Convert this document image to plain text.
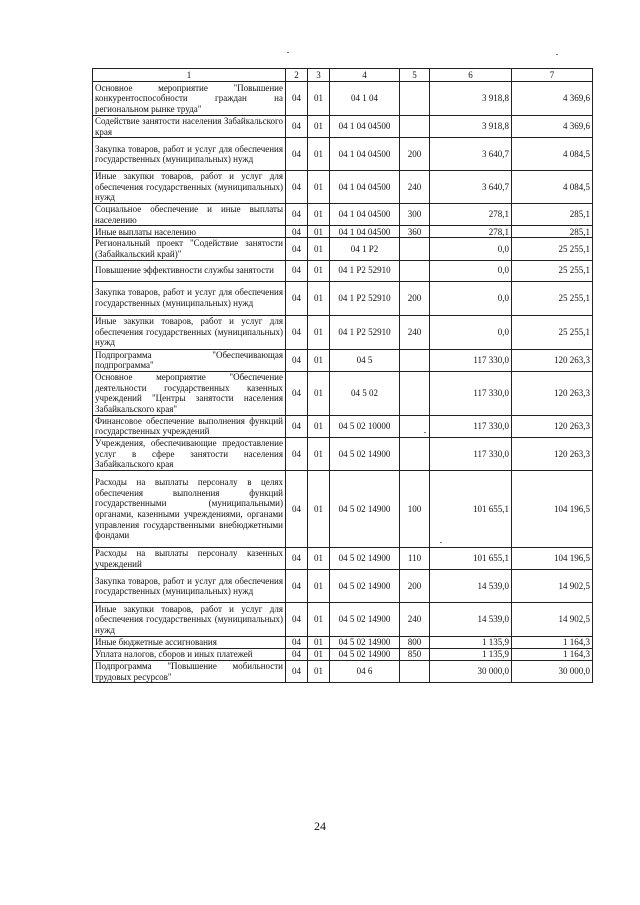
1	2	3	4	5	6	7
Основное мероприятие "Повышение конкурентоспособности граждан на региональном рынке труда"	04	01	04 1 04		3 918,8	4 369,6
Содействие занятости населения Забайкальского края	04	01	04 1 04 04500		3 918,8	4 369,6
Закупка товаров, работ и услуг для обеспечения государственных (муниципальных) нужд	04	01	04 1 04 04500	200	3 640,7	4 084,5
Иные закупки товаров, работ и услуг для обеспечения государственных (муниципальных) нужд	04	01	04 1 04 04500	240	3 640,7	4 084,5
Социальное обеспечение и иные выплаты населению	04	01	04 1 04 04500	300	278,1	285,1
Иные выплаты населению	04	01	04 1 04 04500	360	278,1	285,1
Региональный проект "Содействие занятости (Забайкальский край)"	04	01	04 1 P2		0,0	25 255,1
Повышение эффективности службы занятости	04	01	04 1 P2 52910		0,0	25 255,1
Закупка товаров, работ и услуг для обеспечения государственных (муниципальных) нужд	04	01	04 1 P2 52910	200	0,0	25 255,1
Иные закупки товаров, работ и услуг для обеспечения государственных (муниципальных) нужд	04	01	04 1 P2 52910	240	0,0	25 255,1
Подпрограмма "Обеспечивающая подпрограмма"	04	01	04 5		117 330,0	120 263,3
Основное мероприятие "Обеспечение деятельности государственных казенных учреждений "Центры занятости населения Забайкальского края"	04	01	04 5 02		117 330,0	120 263,3
Финансовое обеспечение выполнения функций государственных учреждений	04	01	04 5 02 10000		117 330,0	120 263,3
Учреждения, обеспечивающие предоставление услуг в сфере занятости населения Забайкальского края	04	01	04 5 02 14900		117 330,0	120 263,3
Расходы на выплаты персоналу в целях обеспечения выполнения функций государственными (муниципальными) органами, казенными учреждениями, органами управления государственными внебюджетными фондами	04	01	04 5 02 14900	100	101 655,1	104 196,5
Расходы на выплаты персоналу казенных учреждений	04	01	04 5 02 14900	110	101 655,1	104 196,5
Закупка товаров, работ и услуг для обеспечения государственных (муниципальных) нужд	04	01	04 5 02 14900	200	14 539,0	14 902,5
Иные закупки товаров, работ и услуг для обеспечения государственных (муниципальных) нужд	04	01	04 5 02 14900	240	14 539,0	14 902,5
Иные бюджетные ассигнования	04	01	04 5 02 14900	800	1 135,9	1 164,3
Уплата налогов, сборов и иных платежей	04	01	04 5 02 14900	850	1 135,9	1 164,3
Подпрограмма "Повышение мобильности трудовых ресурсов"	04	01	04 6		30 000,0	30 000,0
24
